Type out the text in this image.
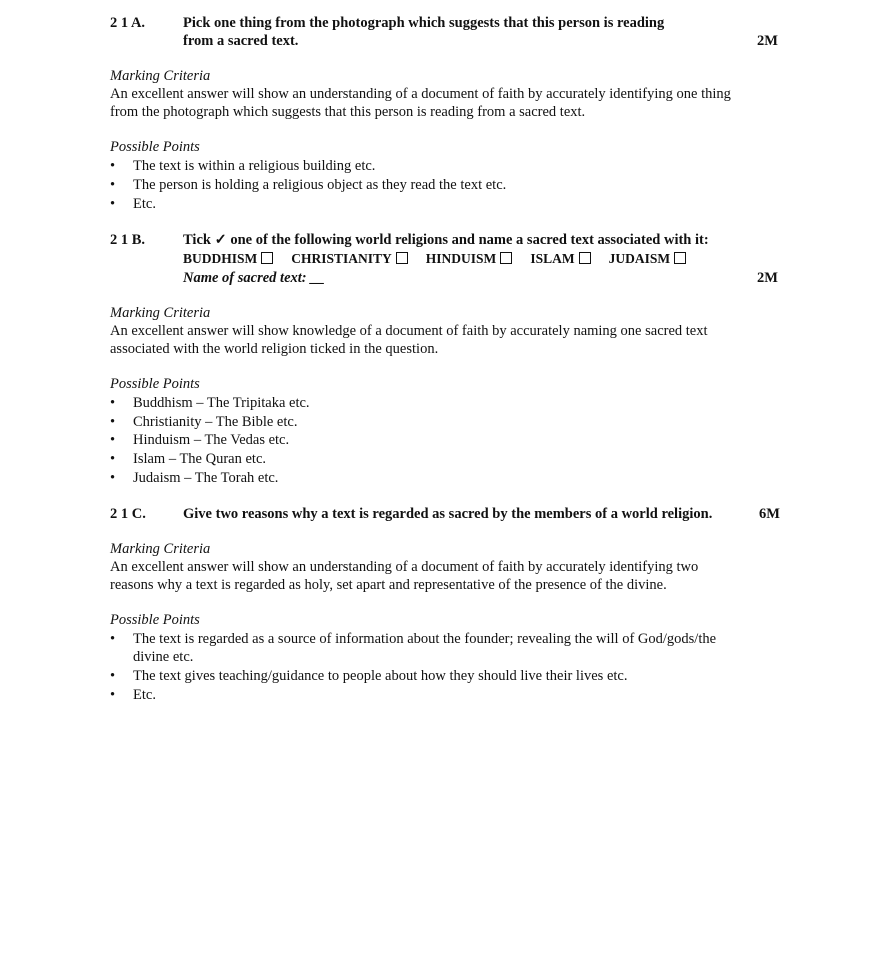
2 1 A.	Pick one thing from the photograph which suggests that this person is reading
from a sacred text.	2M
Marking Criteria
An excellent answer will show an understanding of a document of faith by accurately identifying one thing
from the photograph which suggests that this person is reading from a sacred text.
Possible Points
• The text is within a religious building etc.
• The person is holding a religious object as they read the text etc.
• Etc.
2 1 B.	Tick ✓ one of the following world religions and name a sacred text associated with it:
BUDDHISM	CHRISTIANITY	HINDUISM	ISLAM	JUDAISM
Name of sacred text: __	2M
Marking Criteria
An excellent answer will show knowledge of a document of faith by accurately naming one sacred text
associated with the world religion ticked in the question.
Possible Points
• Buddhism – The Tripitaka etc.
• Christianity – The Bible etc.
• Hinduism – The Vedas etc.
• Islam – The Quran etc.
• Judaism – The Torah etc.
2 1 C.	Give two reasons why a text is regarded as sacred by the members of a world religion.	6M
Marking Criteria
An excellent answer will show an understanding of a document of faith by accurately identifying two
reasons why a text is regarded as holy, set apart and representative of the presence of the divine.
Possible Points
• The text is regarded as a source of information about the founder; revealing the will of God/gods/the
divine etc.
• The text gives teaching/guidance to people about how they should live their lives etc.
• Etc.
